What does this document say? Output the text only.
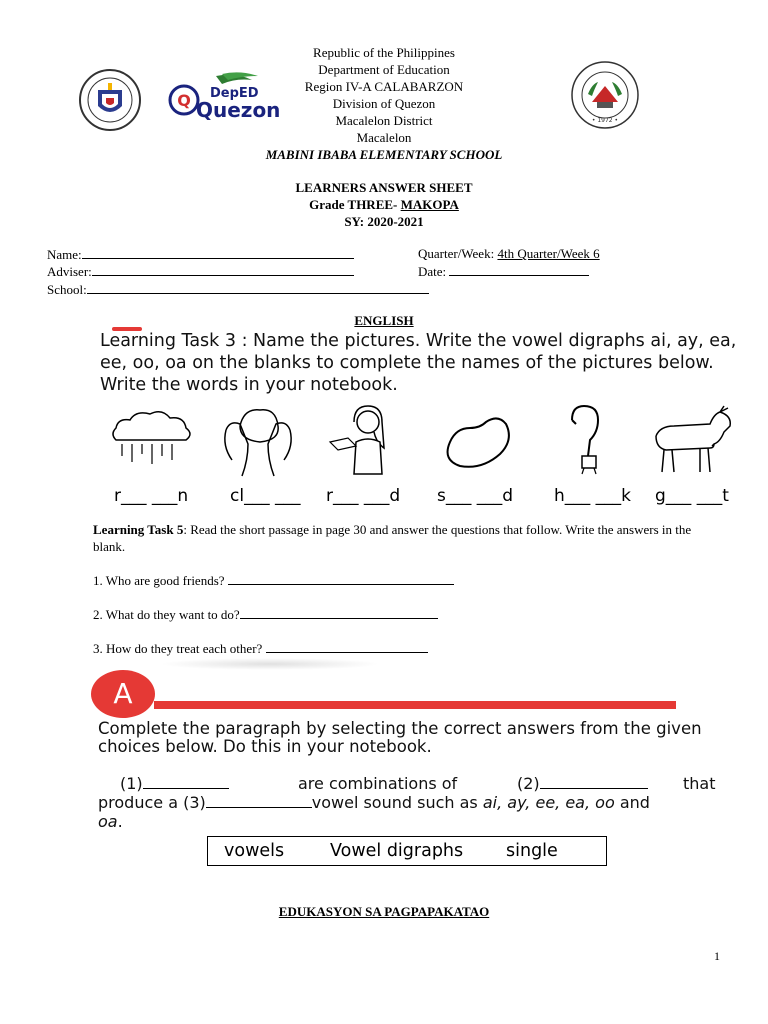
Q DepED
Quezon	• 1972 •
Republic of the Philippines
Department of Education
Region IV-A CALABARZON
Division of Quezon
Macalelon District
Macalelon
MABINI IBABA ELEMENTARY SCHOOL
LEARNERS ANSWER SHEET
Grade THREE- MAKOPA
SY: 2020-2021
Name:
Adviser:
School:
Quarter/Week: 4th Quarter/Week 6
Date:
ENGLISH
Learning Task 3 : Name the pictures. Write the vowel digraphs ai, ay, ea, ee, oo, oa on the blanks to complete the names of the pictures below. Write the words in your notebook.
r___ ___n cl___ ___ r___ ___d s___ ___d h___ ___k g___ ___t
Learning Task 5: Read the short passage in page 30 and answer the questions that follow. Write the answers in the blank.
1. Who are good friends?
2. What do they want to do?
3. How do they treat each other?
A
Complete the paragraph by selecting the correct answers from the given choices below. Do this in your notebook.
(1)	are combinations of	(2)	that
produce a (3)	vowel sound such as ai, ay, ee, ea, oo and
oa.
vowels	Vowel digraphs single
EDUKASYON SA PAGPAPAKATAO
1
